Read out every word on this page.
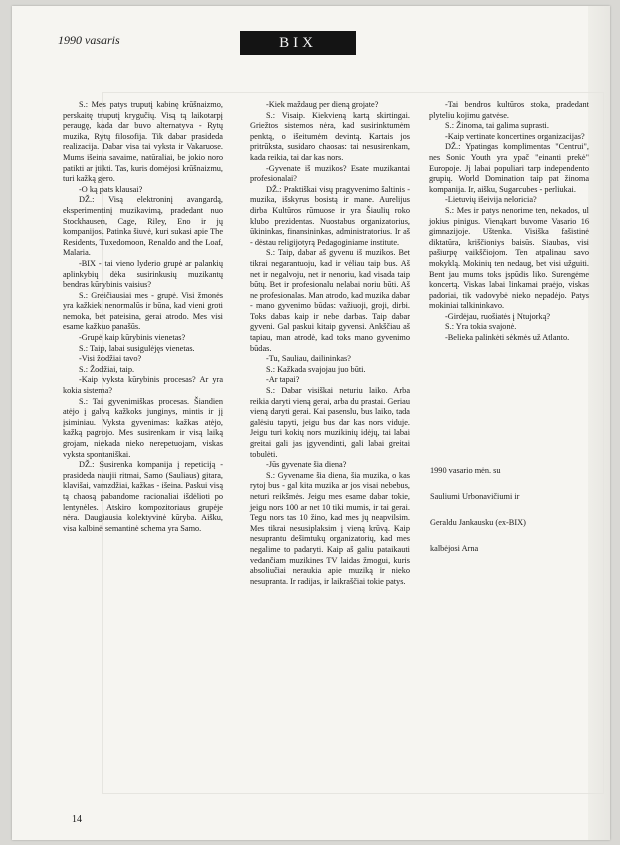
1990 vasaris	BIX

S.: Mes patys truputį kabinę krūšnaizmo, perskaitę truputį krygučių. Visą tą laikotarpį peraugę, kada dar buvo alternatyva - Rytų muzika, Rytų filosofija. Tik dabar prasideda realizacija. Dabar visa tai vyksta ir Vakaruose. Mums išeina savaime, natūraliai, be jokio noro patikti ar įtikti. Tas, kuris domėjosi krūšnaizmu, turi kažką gero.

-O ką pats klausai?

DŽ.: Visą elektroninį avangardą, eksperimentinį muzikavimą, pradedant nuo Stockhausen, Cage, Riley, Eno ir jų kompanijos. Patinka šiuvė, kuri sukasi apie The Residents, Tuxedomoon, Renaldo and the Loaf, Malaria.

-BIX - tai vieno lyderio grupė ar palankių aplinkybių dėka susirinkusių muzikantų bendras kūrybinis vaisius?

S.: Greičiausiai mes - grupė. Visi žmonės yra kažkiek nenormalūs ir būna, kad vieni groti nemoka, bet pateisina, gerai atrodo. Mes visi esame kažkuo panašūs.

-Grupė kaip kūrybinis vienetas?

S.: Taip, labai susigulėjęs vienetas.

-Visi žodžiai tavo?

S.: Žodžiai, taip.

-Kaip vyksta kūrybinis procesas? Ar yra kokia sistema?

S.: Tai gyvenimiškas procesas. Šiandien atėjo į galvą kažkoks junginys, mintis ir jį įsiminiau. Vyksta gyvenimas: kažkas atėjo, kažką pagrojo. Mes susirenkam ir visą laiką grojam, niekada nieko nerepetuojam, viskas vyksta spontaniškai.

DŽ.: Susirenka kompanija į repeticiją - prasideda naujii ritmai, Samo (Sauliaus) gitara, klavišai, vamzdžiai, kažkas - išeina. Paskui visą tą chaosą pabandome racionaliai išdėlioti po lentynėles. Atskiro kompozitoriaus grupėje nėra. Daugiausia kolektyvinė kūryba. Aišku, visa kalbinė semantinė schema yra Samo.

-Kiek maždaug per dieną grojate?

S.: Visaip. Kiekvieną kartą skirtingai. Griežtos sistemos nėra, kad susirinktumėm penktą, o išeitumėm devintą. Kartais jos pritrūksta, susidaro chaosas: tai nesusirenkam, kada reikia, tai dar kas nors.

-Gyvenate iš muzikos? Esate muzikantai profesionalai?

DŽ.: Praktiškai visų pragyvenimo šaltinis - muzika, išskyrus bosistą ir mane. Aurelijus dirba Kultūros rūmuose ir yra Šiaulių roko klubo prezidentas. Nuostabus organizatorius, ūkininkas, finansininkas, administratorius. Ir aš - dėstau religijotyrą Pedagoginiame institute.

S.: Taip, dabar aš gyvenu iš muzikos. Bet tikrai negarantuoju, kad ir vėliau taip bus. Aš net ir negalvoju, net ir nenoriu, kad visada taip būtų. Bet ir profesionalu nelabai noriu būti. Aš ne profesionalas. Man atrodo, kad muzika dabar - mano gyvenimo būdas: važiuoji, groji, dirbi. Toks dabas kaip ir nebe darbas. Taip dabar gyveni. Gal paskui kitaip gyvensi. Ankščiau aš tapiau, man atrodė, kad toks mano gyvenimo būdas.

-Tu, Sauliau, dailininkas?

S.: Kažkada svajojau juo būti.

-Ar tapai?

S.: Dabar visiškai neturiu laiko. Arba reikia daryti vieną gerai, arba du prastai. Geriau vieną daryti gerai. Kai pasenslu, bus laiko, tada galėsiu tapyti, jeigu bus dar kas nors viduje. Jeigu turi kokių nors muzikinių idėjų, tai labai greitai gali jas įgyvendinti, gali labai greitai tobulėti.

-Jūs gyvenate šia diena?

S.: Gyvename šia diena, šia muzika, o kas rytoj bus - gal kita muzika ar jos visai nebebus, neturi reikšmės. Jeigu mes esame dabar tokie, jeigu nors 100 ar net 10 tiki mumis, ir tai gerai. Tegu nors tas 10 žino, kad mes jų neapvilsim. Mes tikrai nesusiplaksim į vieną krūvą. Kaip nesuprantu dešimtukų organizatorių, kad mes negalime to padaryti. Kaip aš galiu pataikauti vedančiam muzikines TV laidas žmogui, kuris absoliučiai neraukia apie muziką ir nieko nesupranta. Ir radijas, ir laikraščiai tokie patys.

-Tai bendros kultūros stoka, pradedant plyteliu kojimu gatvėse.

S.: Žinoma, tai galima suprasti.

-Kaip vertinate koncertines organizacijas?

DŽ.: Ypatingas komplimentas "Centrui", nes Sonic Youth yra ypač "einanti prekė" Europoje. Jį labai populiari tarp independento grupių. World Domination taip pat žinoma kompanija. Ir, aišku, Sugarcubes - perliukai.

-Lietuvių išeivija neloricia?

S.: Mes ir patys nenorime ten, nekados, ul jokius pinigus. Vienąkart buvome Vasario 16 gimnazijoje. Uštenka. Visiška fašistinė diktatūra, kriščioniys baisūs. Siaubas, visi pašiurpę vaikščiojom. Ten atpalinau savo mokyklą. Mokinių ten nedaug, bet visi užguiti. Bent jau mums toks įspūdis liko. Surengėme koncertą. Viskas labai linkamai praėjo, viskas padoriai, tik vadovybė nieko nepadėjo. Patys mokiniai talkininkavo.

-Girdėjau, ruošiatės į Ntujorką?

S.: Yra tokia svajonė.

-Belieka palinkėti sėkmės už Atlanto.

1990 vasario mėn. su
Sauliumi Urbonavičiumi ir
Geraldu Jankausku (ex-BIX)
kalbėjosi Arna
14
